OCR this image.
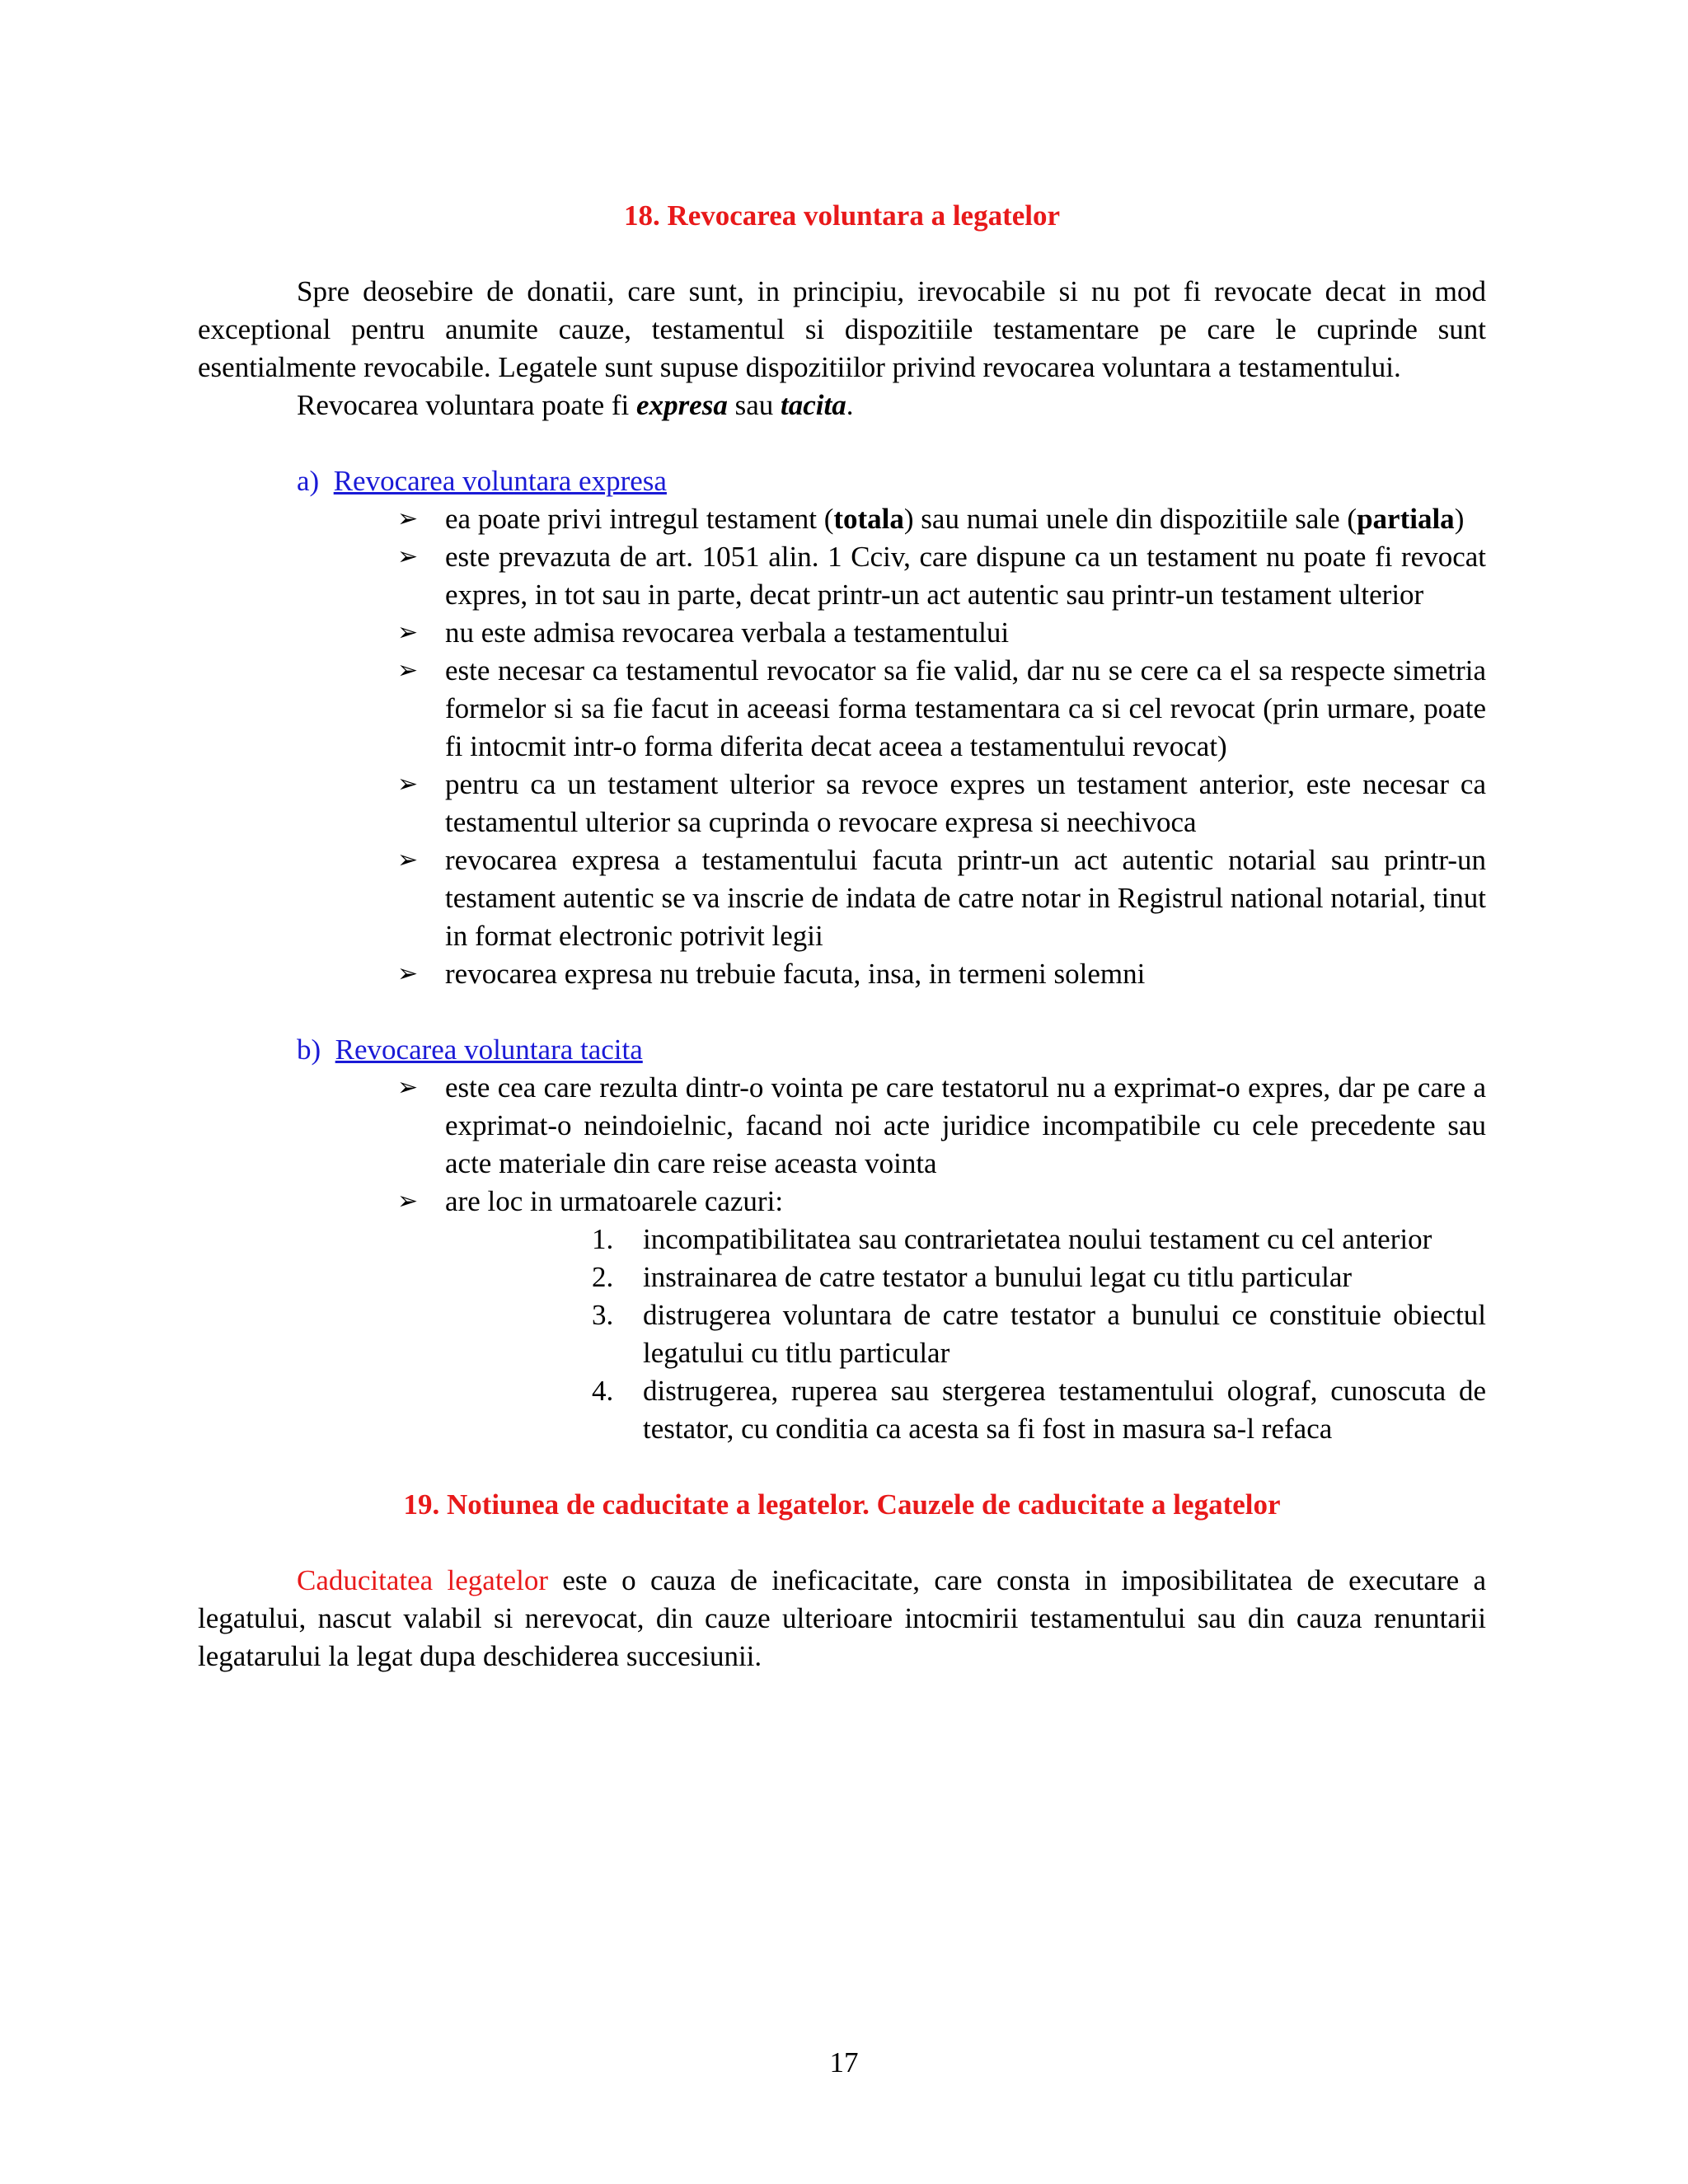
18. Revocarea voluntara a legatelor

Spre deosebire de donatii, care sunt, in principiu, irevocabile si nu pot fi revocate decat in mod exceptional pentru anumite cauze, testamentul si dispozitiile testamentare pe care le cuprinde sunt esentialmente revocabile. Legatele sunt supuse dispozitiilor privind revocarea voluntara a testamentului.

Revocarea voluntara poate fi expresa sau tacita.

a) Revocarea voluntara expresa
➢ ea poate privi intregul testament (totala) sau numai unele din dispozitiile sale (partiala)
➢ este prevazuta de art. 1051 alin. 1 Cciv, care dispune ca un testament nu poate fi revocat expres, in tot sau in parte, decat printr-un act autentic sau printr-un testament ulterior
➢ nu este admisa revocarea verbala a testamentului
➢ este necesar ca testamentul revocator sa fie valid, dar nu se cere ca el sa respecte simetria formelor si sa fie facut in aceeasi forma testamentara ca si cel revocat (prin urmare, poate fi intocmit intr-o forma diferita decat aceea a testamentului revocat)
➢ pentru ca un testament ulterior sa revoce expres un testament anterior, este necesar ca testamentul ulterior sa cuprinda o revocare expresa si neechivoca
➢ revocarea expresa a testamentului facuta printr-un act autentic notarial sau printr-un testament autentic se va inscrie de indata de catre notar in Registrul national notarial, tinut in format electronic potrivit legii
➢ revocarea expresa nu trebuie facuta, insa, in termeni solemni
b) Revocarea voluntara tacita
➢ este cea care rezulta dintr-o vointa pe care testatorul nu a exprimat-o expres, dar pe care a exprimat-o neindoielnic, facand noi acte juridice incompatibile cu cele precedente sau acte materiale din care reise aceasta vointa
➢ are loc in urmatoarele cazuri:
1. incompatibilitatea sau contrarietatea noului testament cu cel anterior
2. instrainarea de catre testator a bunului legat cu titlu particular
3. distrugerea voluntara de catre testator a bunului ce constituie obiectul legatului cu titlu particular
4. distrugerea, ruperea sau stergerea testamentului olograf, cunoscuta de testator, cu conditia ca acesta sa fi fost in masura sa-l refaca
19. Notiunea de caducitate a legatelor. Cauzele de caducitate a legatelor

Caducitatea legatelor este o cauza de ineficacitate, care consta in imposibilitatea de executare a legatului, nascut valabil si nerevocat, din cauze ulterioare intocmirii testamentului sau din cauza renuntarii legatarului la legat dupa deschiderea succesiunii.

17
